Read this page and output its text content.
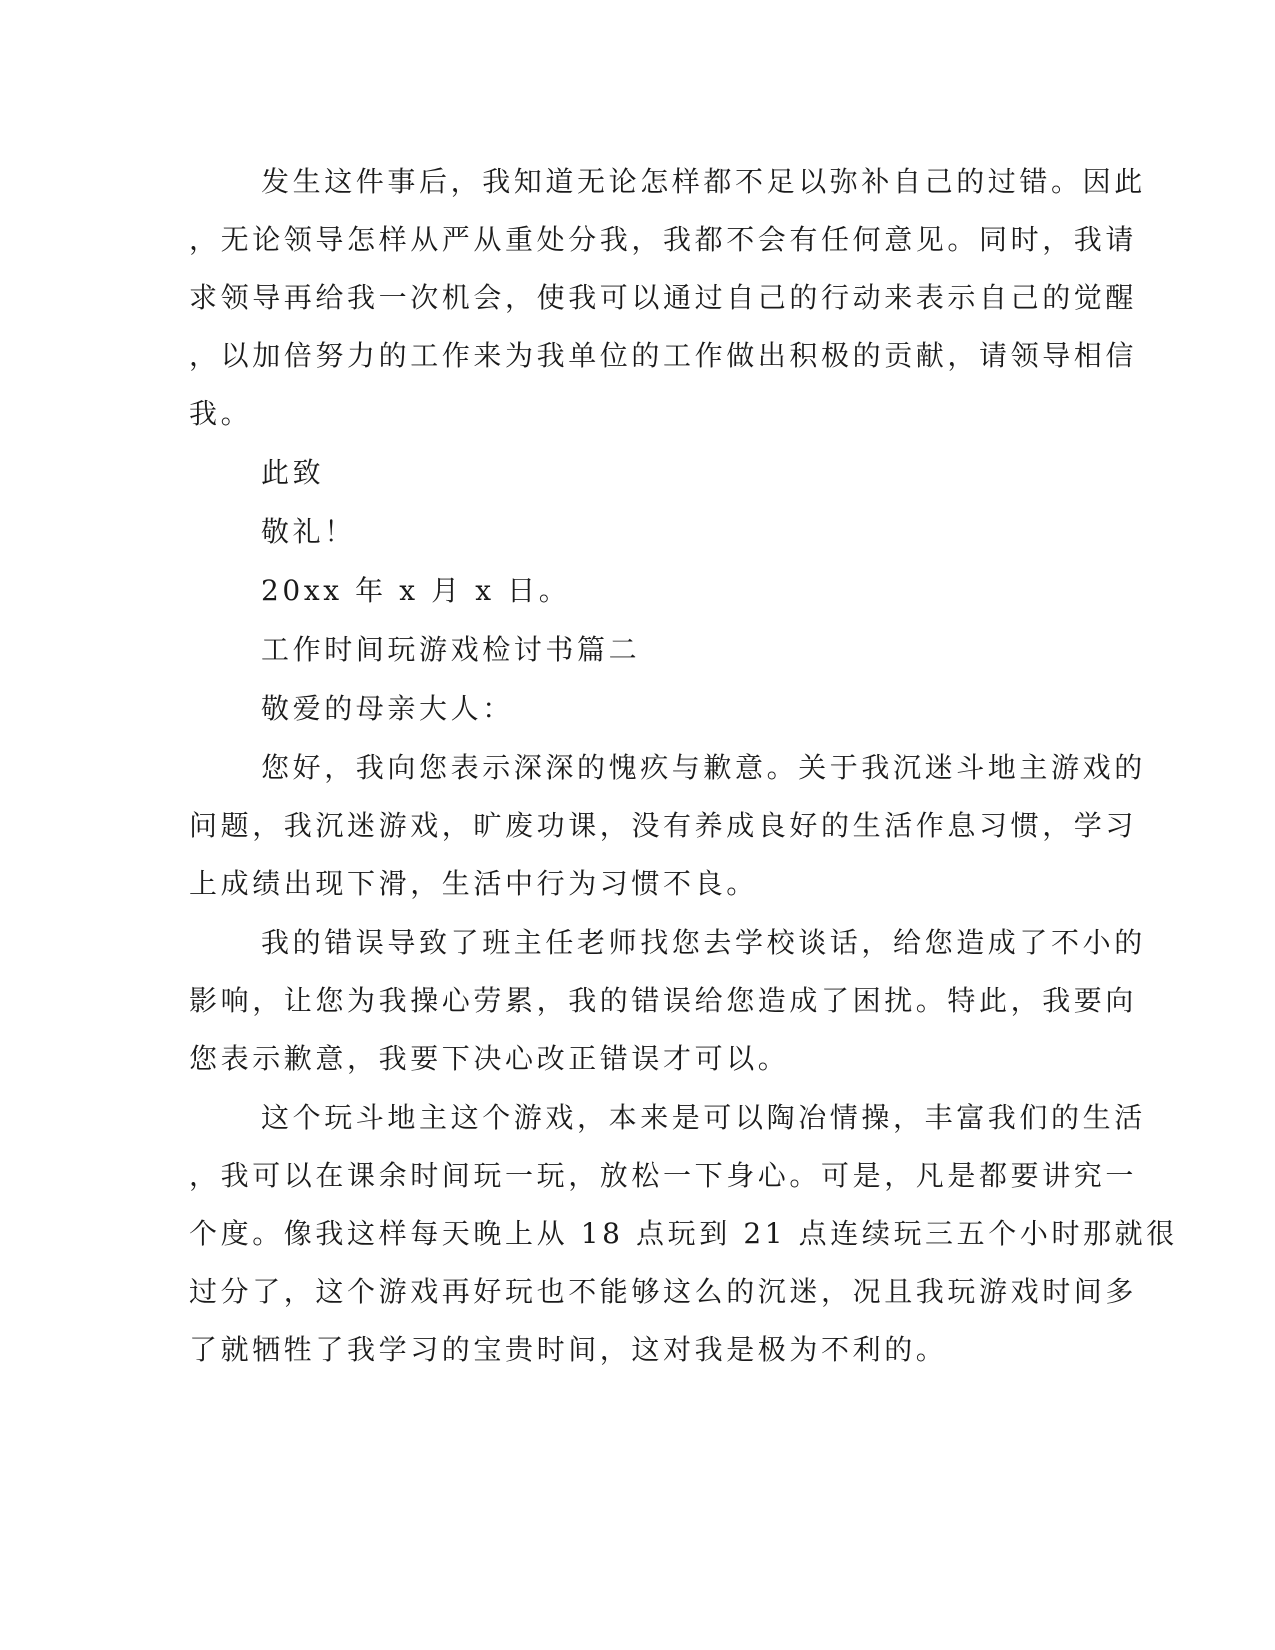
发生这件事后，我知道无论怎样都不足以弥补自己的过错。因此
，无论领导怎样从严从重处分我，我都不会有任何意见。同时，我请
求领导再给我一次机会，使我可以通过自己的行动来表示自己的觉醒
，以加倍努力的工作来为我单位的工作做出积极的贡献，请领导相信
我。
此致
敬礼！
20xx 年 x 月 x 日。
工作时间玩游戏检讨书篇二
敬爱的母亲大人：
您好，我向您表示深深的愧疚与歉意。关于我沉迷斗地主游戏的
问题，我沉迷游戏，旷废功课，没有养成良好的生活作息习惯，学习
上成绩出现下滑，生活中行为习惯不良。
我的错误导致了班主任老师找您去学校谈话，给您造成了不小的
影响，让您为我操心劳累，我的错误给您造成了困扰。特此，我要向
您表示歉意，我要下决心改正错误才可以。
这个玩斗地主这个游戏，本来是可以陶冶情操，丰富我们的生活
，我可以在课余时间玩一玩，放松一下身心。可是，凡是都要讲究一
个度。像我这样每天晚上从 18 点玩到 21 点连续玩三五个小时那就很
过分了，这个游戏再好玩也不能够这么的沉迷，况且我玩游戏时间多
了就牺牲了我学习的宝贵时间，这对我是极为不利的。
